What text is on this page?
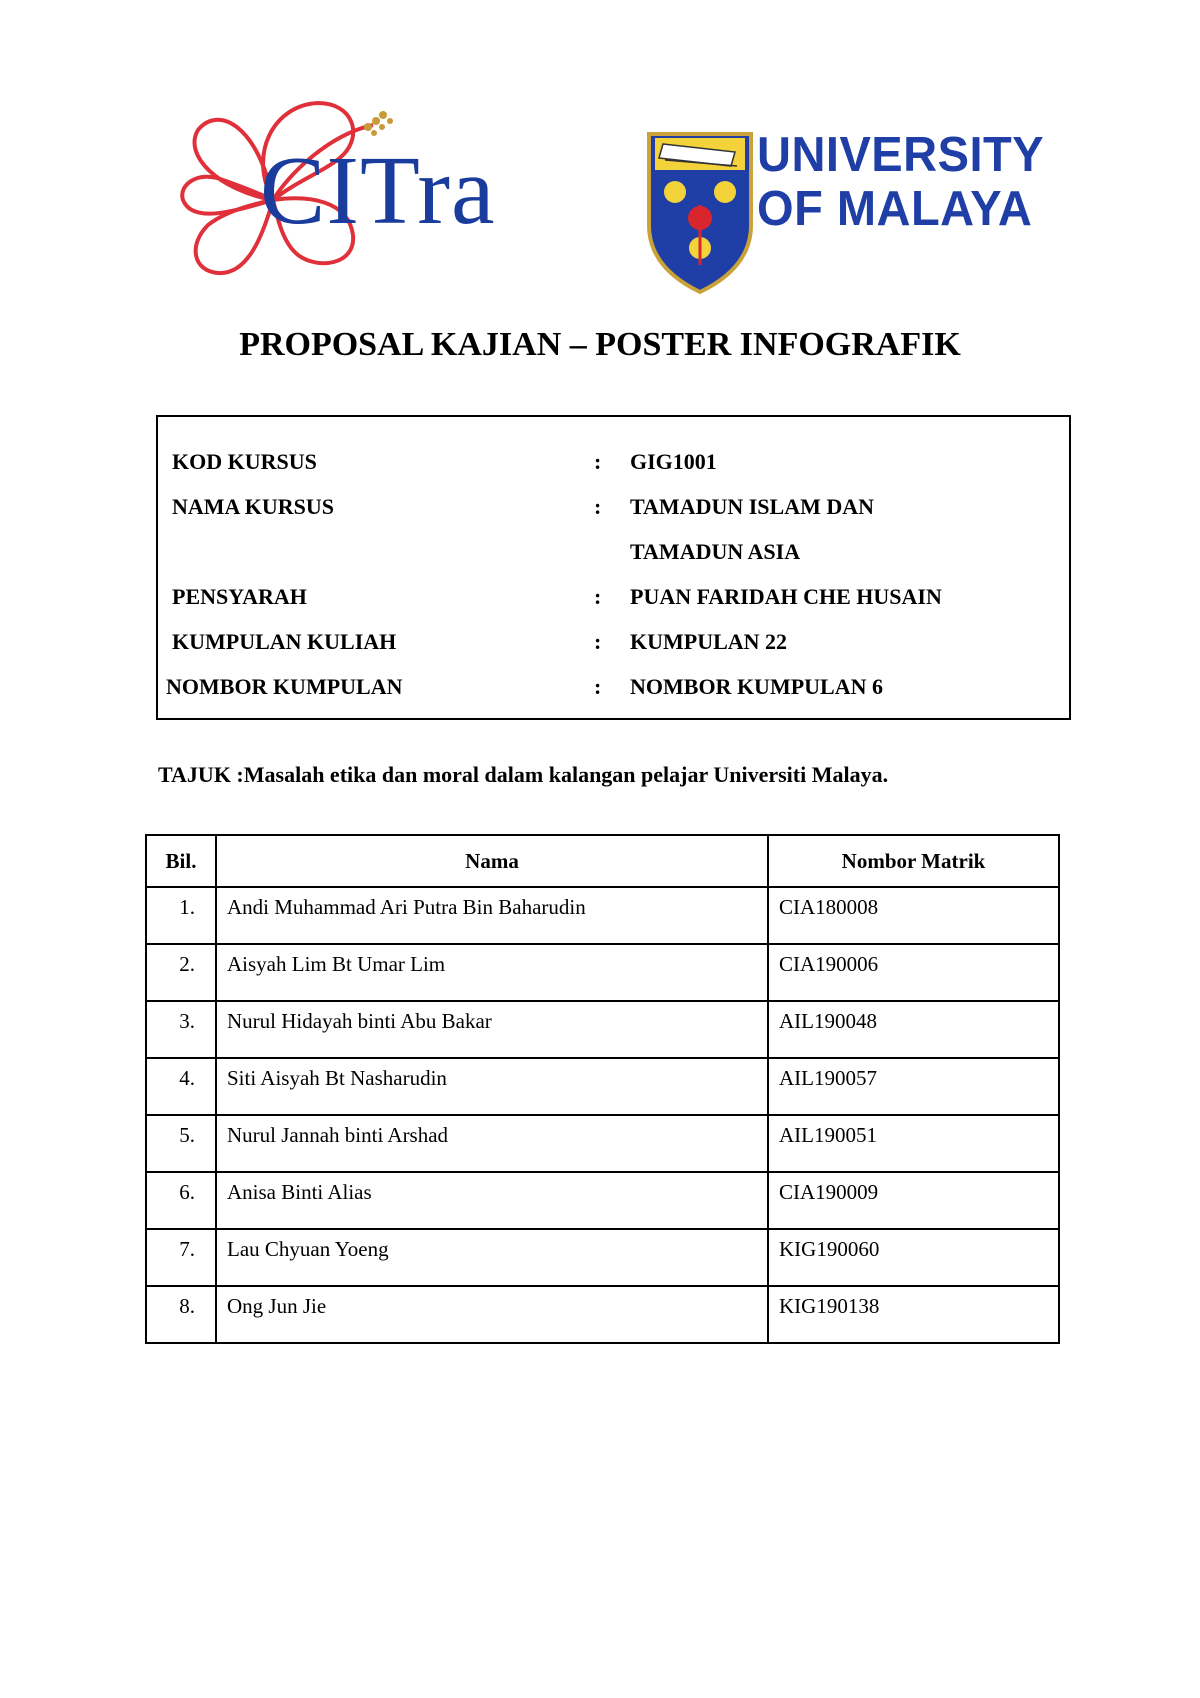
CITra	UNIVERSITY
OF MALAYA
PROPOSAL KAJIAN – POSTER INFOGRAFIK
KOD KURSUS	: GIG1001
NAMA KURSUS	: TAMADUN ISLAM DAN
TAMADUN ASIA
PENSYARAH	: PUAN FARIDAH CHE HUSAIN
KUMPULAN KULIAH	: KUMPULAN 22
NOMBOR KUMPULAN	: NOMBOR KUMPULAN 6
TAJUK :Masalah etika dan moral dalam kalangan pelajar Universiti Malaya.
Bil.	Nama	Nombor Matrik
1.	Andi Muhammad Ari Putra Bin Baharudin	CIA180008
2.	Aisyah Lim Bt Umar Lim	CIA190006
3.	Nurul Hidayah binti Abu Bakar	AIL190048
4.	Siti Aisyah Bt Nasharudin	AIL190057
5.	Nurul Jannah binti Arshad	AIL190051
6.	Anisa Binti Alias	CIA190009
7.	Lau Chyuan Yoeng	KIG190060
8.	Ong Jun Jie	KIG190138
